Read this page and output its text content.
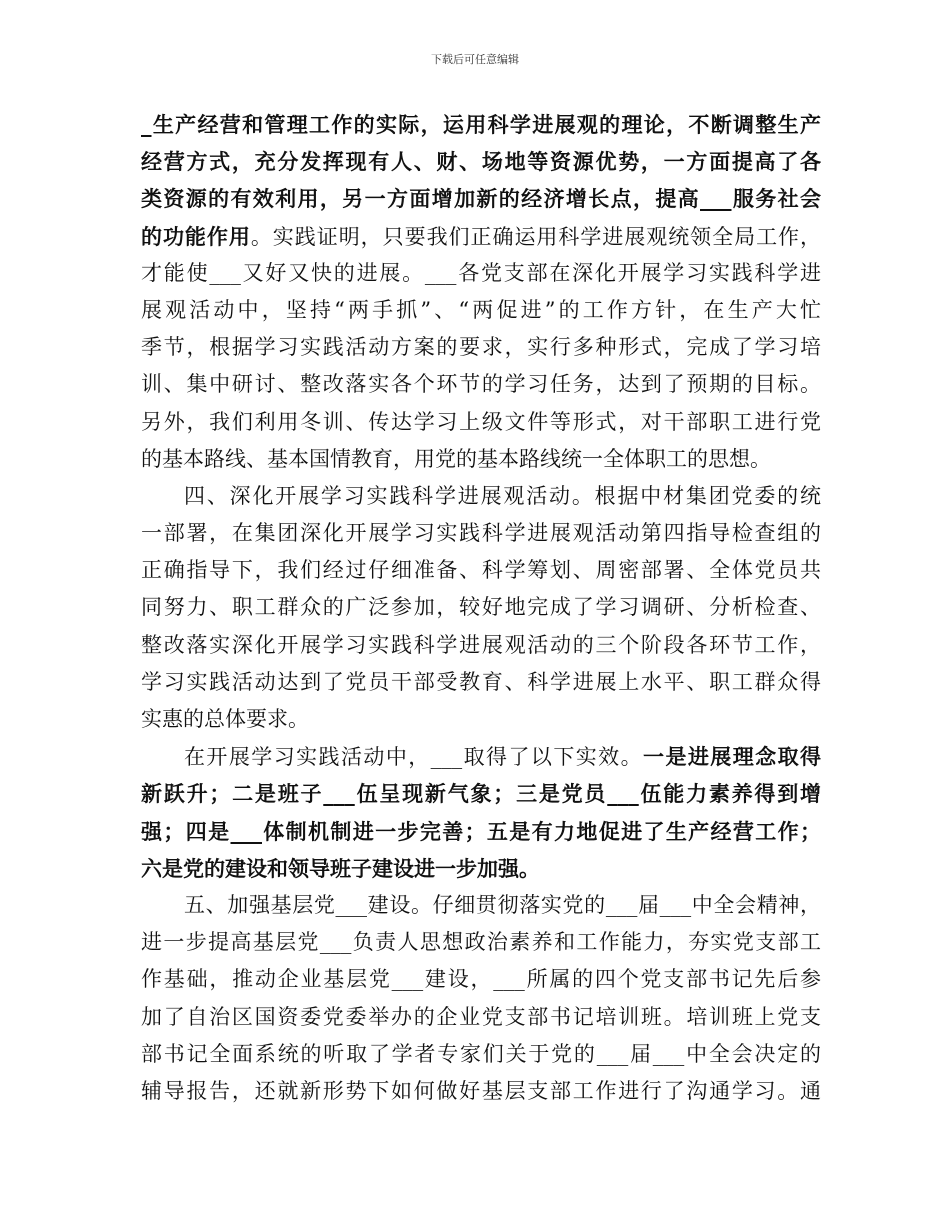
下载后可任意编辑
_生产经营和管理工作的实际，运用科学进展观的理论，不断调整生产
经营方式，充分发挥现有人、财、场地等资源优势，一方面提高了各
类资源的有效利用，另一方面增加新的经济增长点，提高___服务社会
的功能作用。实践证明，只要我们正确运用科学进展观统领全局工作，
才能使___又好又快的进展。___各党支部在深化开展学习实践科学进
展观活动中，坚持“两手抓”、“两促进”的工作方针，在生产大忙
季节，根据学习实践活动方案的要求，实行多种形式，完成了学习培
训、集中研讨、整改落实各个环节的学习任务，达到了预期的目标。
另外，我们利用冬训、传达学习上级文件等形式，对干部职工进行党
的基本路线、基本国情教育，用党的基本路线统一全体职工的思想。
四、深化开展学习实践科学进展观活动。根据中材集团党委的统
一部署，在集团深化开展学习实践科学进展观活动第四指导检查组的
正确指导下，我们经过仔细准备、科学筹划、周密部署、全体党员共
同努力、职工群众的广泛参加，较好地完成了学习调研、分析检查、
整改落实深化开展学习实践科学进展观活动的三个阶段各环节工作，
学习实践活动达到了党员干部受教育、科学进展上水平、职工群众得
实惠的总体要求。
在开展学习实践活动中，___取得了以下实效。一是进展理念取得
新跃升；二是班子___伍呈现新气象；三是党员___伍能力素养得到增
强；四是___体制机制进一步完善；五是有力地促进了生产经营工作；
六是党的建设和领导班子建设进一步加强。
五、加强基层党___建设。仔细贯彻落实党的___届___中全会精神，
进一步提高基层党___负责人思想政治素养和工作能力，夯实党支部工
作基础，推动企业基层党___建设，___所属的四个党支部书记先后参
加了自治区国资委党委举办的企业党支部书记培训班。培训班上党支
部书记全面系统的听取了学者专家们关于党的___届___中全会决定的
辅导报告，还就新形势下如何做好基层支部工作进行了沟通学习。通
